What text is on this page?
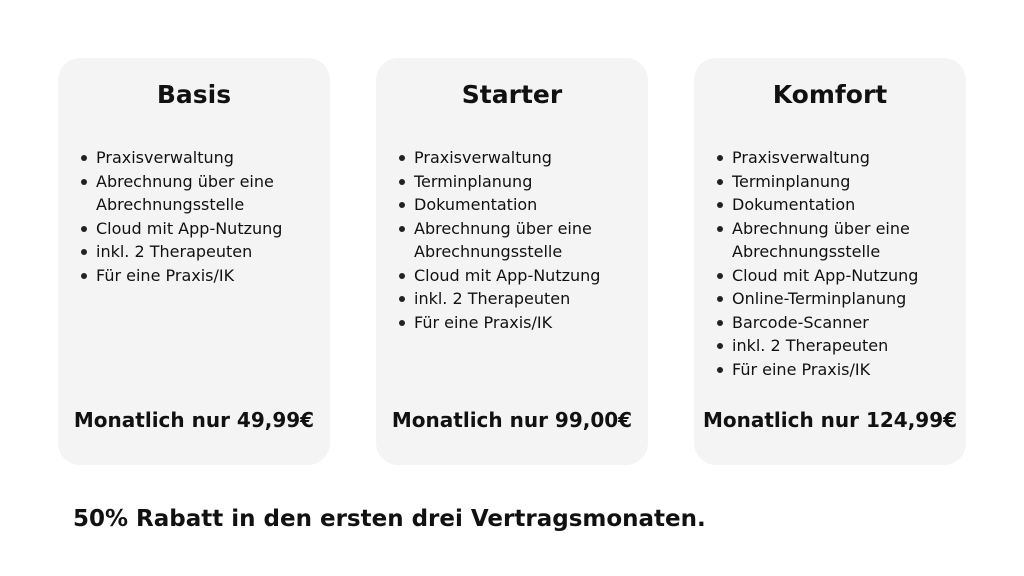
Basis
Praxisverwaltung
Abrechnung über eine Abrechnungsstelle
Cloud mit App-Nutzung
inkl. 2 Therapeuten
Für eine Praxis/IK
Monatlich nur 49,99€
Starter
Praxisverwaltung
Terminplanung
Dokumentation
Abrechnung über eine Abrechnungsstelle
Cloud mit App-Nutzung
inkl. 2 Therapeuten
Für eine Praxis/IK
Monatlich nur 99,00€
Komfort
Praxisverwaltung
Terminplanung
Dokumentation
Abrechnung über eine Abrechnungsstelle
Cloud mit App-Nutzung
Online-Terminplanung
Barcode-Scanner
inkl. 2 Therapeuten
Für eine Praxis/IK
Monatlich nur 124,99€
50% Rabatt in den ersten drei Vertragsmonaten.
